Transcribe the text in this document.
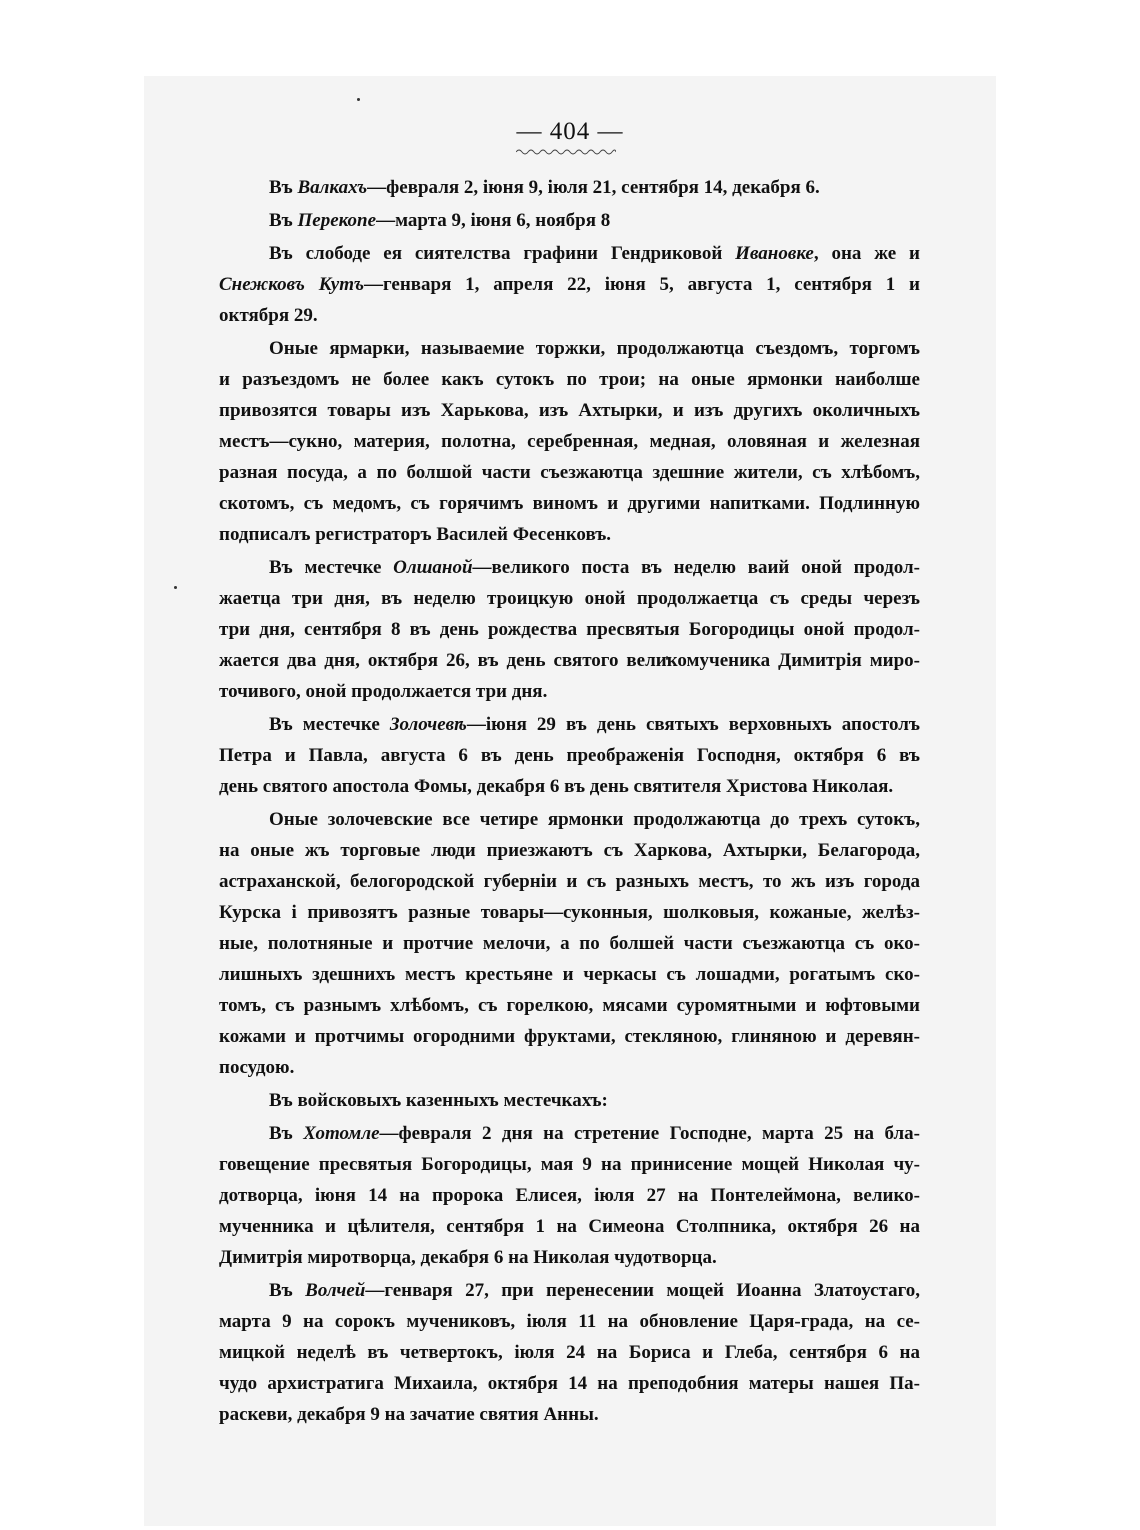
— 404 —
Въ Валкахъ—февраля 2, іюня 9, іюля 21, сентября 14, декабря 6.
Въ Перекопе—марта 9, іюня 6, ноября 8
Въ слободе ея сиятелства графини Гендриковой Ивановке, она же и
Снежковъ Кутъ—генваря 1, апреля 22, іюня 5, августа 1, сентября 1 и
октября 29.
Оные ярмарки, называемие торжки, продолжаютца съездомъ, торгомъ
и разъездомъ не более какъ сутокъ по трои; на оные ярмонки наиболше
привозятся товары изъ Харькова, изъ Ахтырки, и изъ другихъ околичныхъ
местъ—сукно, материя, полотна, серебренная, медная, оловяная и железная
разная посуда, а по болшой части съезжаютца здешние жители, съ хлѣбомъ,
скотомъ, съ медомъ, съ горячимъ виномъ и другими напитками. Подлинную
подписалъ регистраторъ Василей Фесенковъ.
Въ местечке Олшаной—великого поста въ неделю ваий оной продол-
жаетца три дня, въ неделю троицкую оной продолжаетца съ среды черезъ
три дня, сентября 8 въ день рождества пресвятыя Богородицы оной продол-
жается два дня, октября 26, въ день святого великомученика Димитрія миро-
точивого, оной продолжается три дня.
Въ местечке Золочевѣ—іюня 29 въ день святыхъ верховныхъ апостолъ
Петра и Павла, августа 6 въ день преображенія Господня, октября 6 въ
день святого апостола Фомы, декабря 6 въ день святителя Христова Николая.
Оные золочевские все четире ярмонки продолжаютца до трехъ сутокъ,
на оные жъ торговые люди приезжаютъ съ Харкова, Ахтырки, Белагорода,
астраханской, белогородской губерніи и съ разныхъ местъ, то жъ изъ города
Курска і привозятъ разные товары—суконныя, шолковыя, кожаные, желѣз-
ные, полотняные и протчие мелочи, а по болшей части съезжаютца съ око-
лишныхъ здешнихъ местъ крестьяне и черкасы съ лошадми, рогатымъ ско-
томъ, съ разнымъ хлѣбомъ, съ горелкою, мясами суромятными и юфтовыми
кожами и протчимы огородними фруктами, стекляною, глиняною и деревян-
посудою.
Въ войсковыхъ казенныхъ местечкахъ:
Въ Хотомле—февраля 2 дня на стретение Господне, марта 25 на бла-
говещение пресвятыя Богородицы, мая 9 на принисение мощей Николая чу-
дотворца, іюня 14 на пророка Елисея, іюля 27 на Понтелеймона, велико-
мученника и цѣлителя, сентября 1 на Симеона Столпника, октября 26 на
Димитрія миротворца, декабря 6 на Николая чудотворца.
Въ Волчей—генваря 27, при перенесении мощей Иоанна Златоустаго,
марта 9 на сорокъ мучениковъ, іюля 11 на обновление Царя-града, на се-
мицкой неделѣ въ четвертокъ, іюля 24 на Бориса и Глеба, сентября 6 на
чудо архистратига Михаила, октября 14 на преподобния матеры нашея Па-
раскеви, декабря 9 на зачатие святия Анны.
